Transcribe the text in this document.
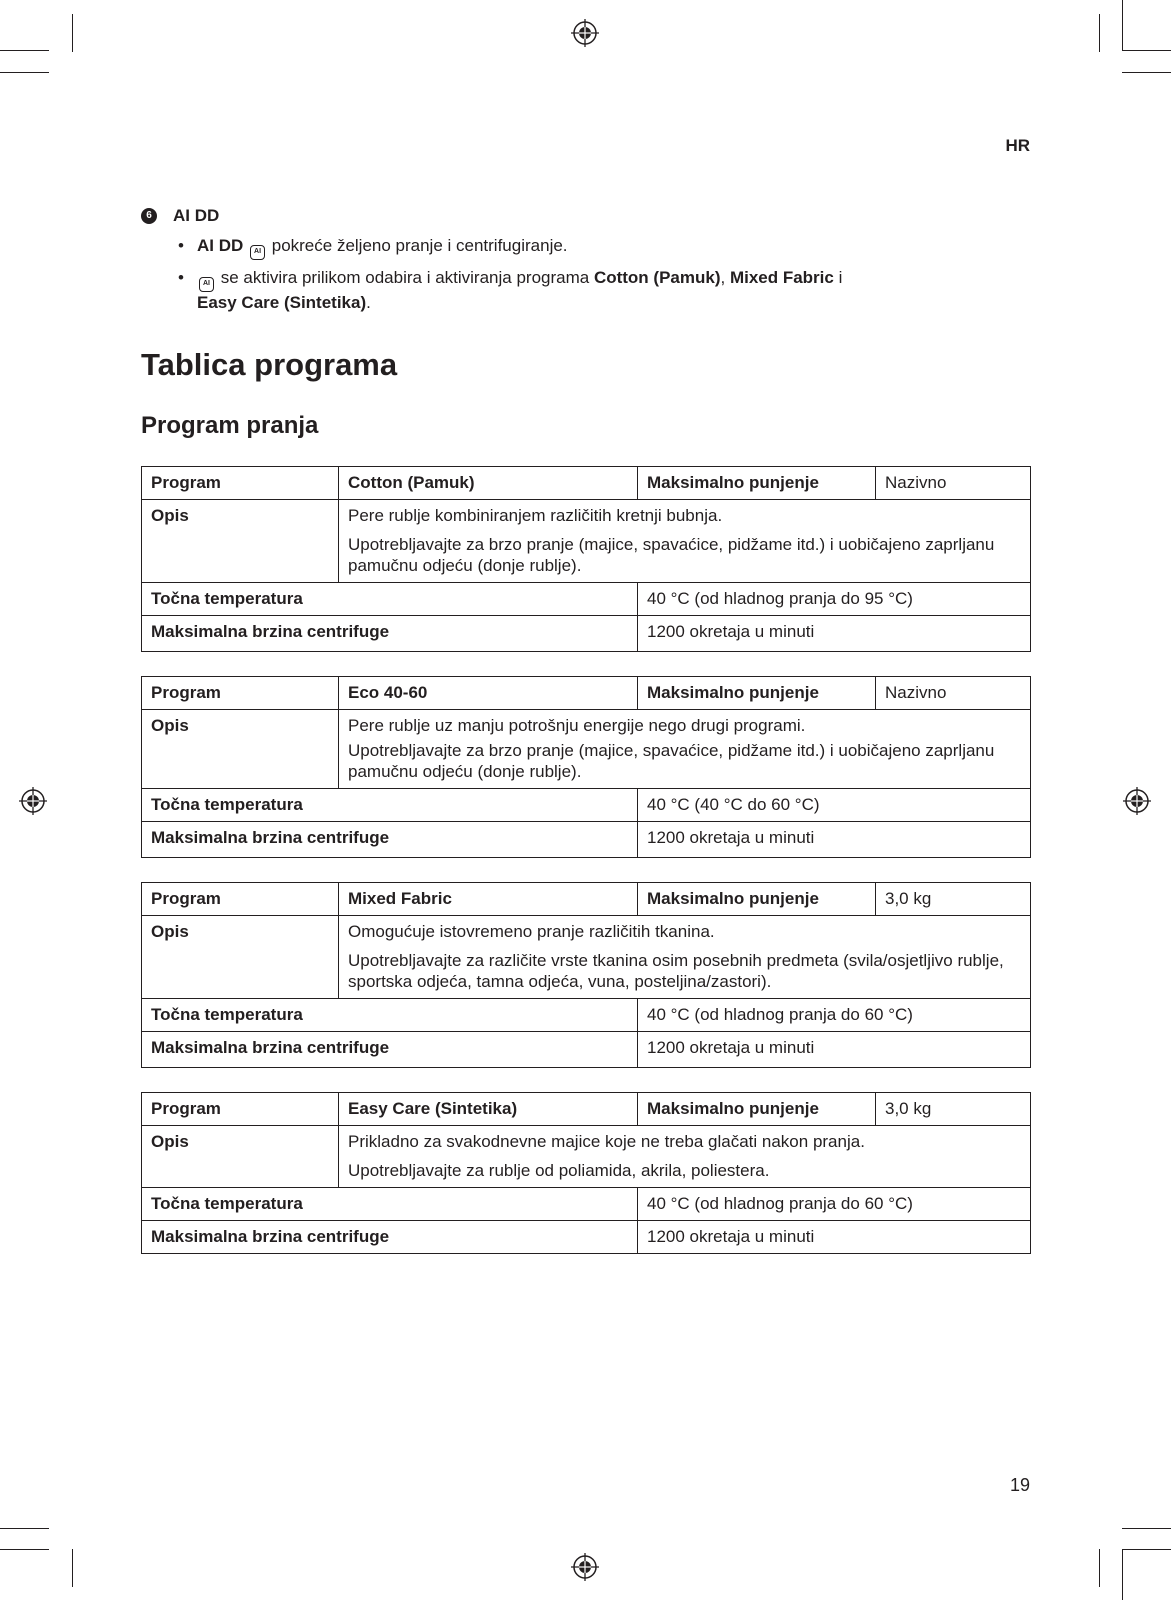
HR
6	AI DD
• AI DD AI pokreće željeno pranje i centrifugiranje.
•	AI se aktivira prilikom odabira i aktiviranja programa Cotton (Pamuk), Mixed Fabric i
Easy Care (Sintetika).
Tablica programa
Program pranja
Program	Cotton (Pamuk)	Maksimalno punjenje	Nazivno
Opis	Pere rublje kombiniranjem različitih kretnji bubnja.
Upotrebljavajte za brzo pranje (majice, spavaćice, pidžame itd.) i uobičajeno zaprljanu pamučnu odjeću (donje rublje).		

Točna temperatura		40 °C (od hladnog pranja do 95 °C)	
Maksimalna brzina centrifuge		1200 okretaja u minuti	
Program	Eco 40-60	Maksimalno punjenje	Nazivno
Opis	Pere rublje uz manju potrošnju energije nego drugi programi.
Upotrebljavajte za brzo pranje (majice, spavaćice, pidžame itd.) i uobičajeno zaprljanu pamučnu odjeću (donje rublje).		

Točna temperatura		40 °C (40 °C do 60 °C)	
Maksimalna brzina centrifuge		1200 okretaja u minuti	
Program	Mixed Fabric	Maksimalno punjenje	3,0 kg
Opis	Omogućuje istovremeno pranje različitih tkanina.
Upotrebljavajte za različite vrste tkanina osim posebnih predmeta (svila/osjetljivo rublje, sportska odjeća, tamna odjeća, vuna, posteljina/zastori).		

Točna temperatura		40 °C (od hladnog pranja do 60 °C)	
Maksimalna brzina centrifuge		1200 okretaja u minuti	
Program	Easy Care (Sintetika)	Maksimalno punjenje	3,0 kg
Opis	Prikladno za svakodnevne majice koje ne treba glačati nakon pranja.
Upotrebljavajte za rublje od poliamida, akrila, poliestera.		

Točna temperatura		40 °C (od hladnog pranja do 60 °C)	
Maksimalna brzina centrifuge		1200 okretaja u minuti	
19
